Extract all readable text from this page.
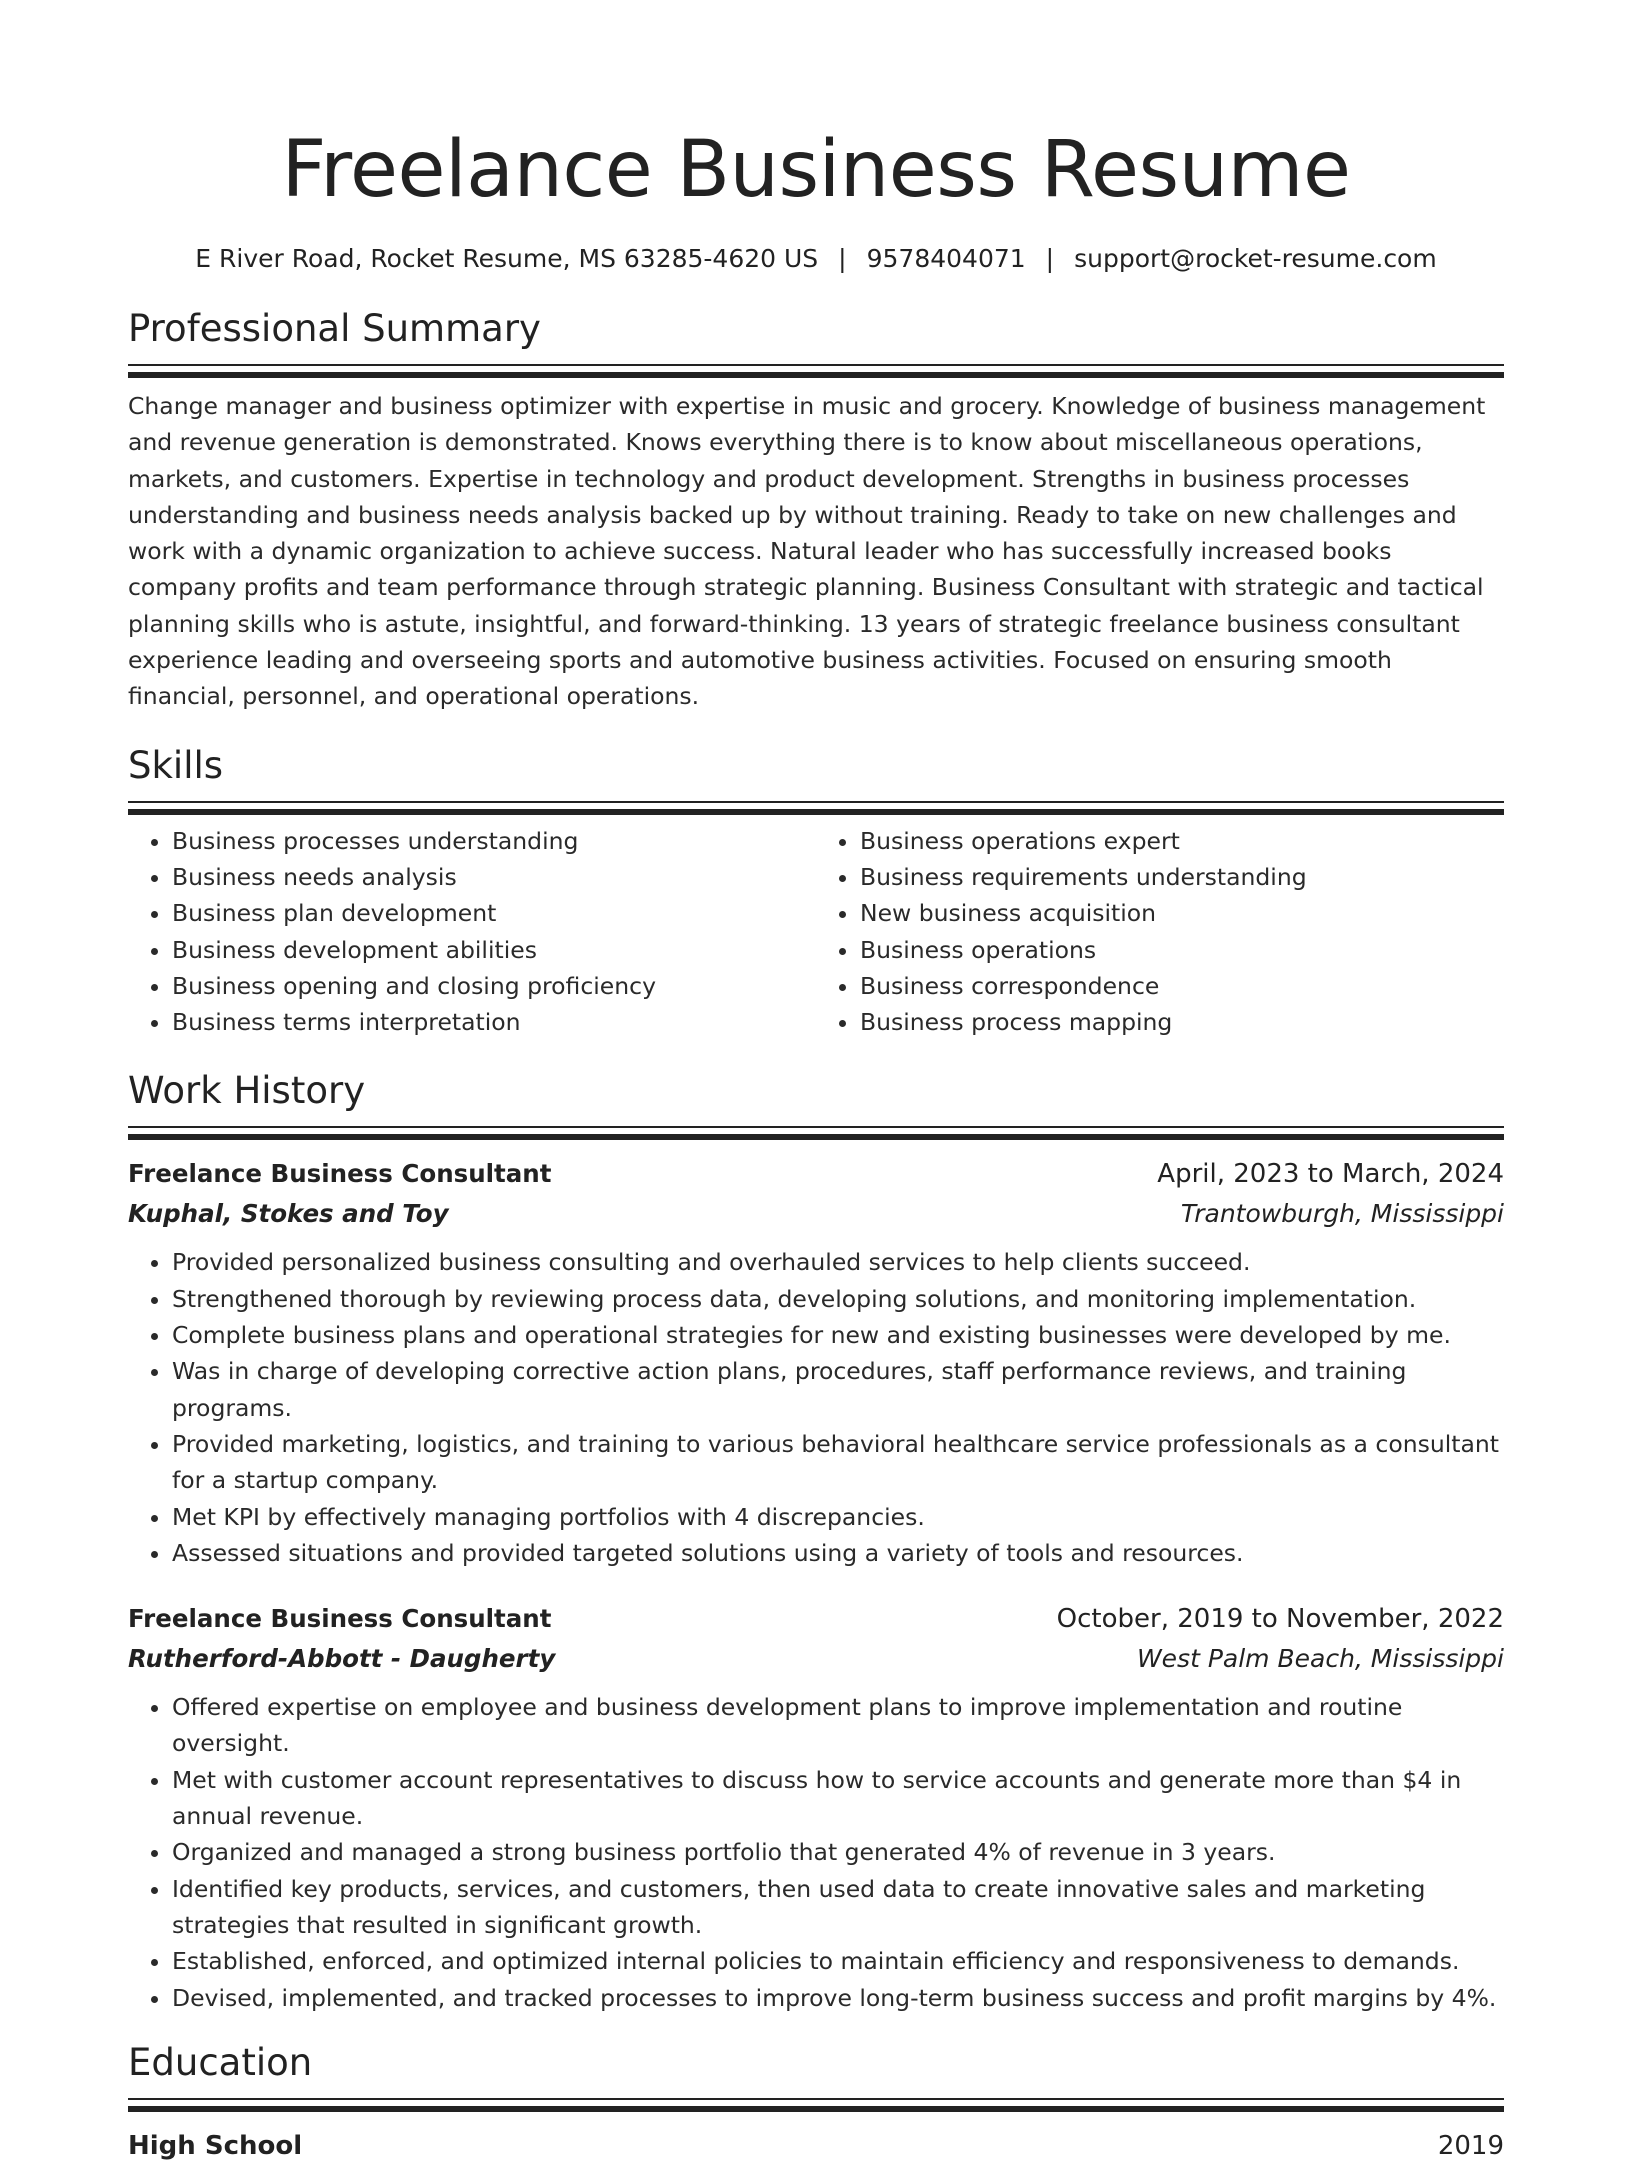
Freelance Business Resume
E River Road, Rocket Resume, MS 63285-4620 US | 9578404071 | support@rocket-resume.com
Professional Summary

Change manager and business optimizer with expertise in music and grocery. Knowledge of business management and revenue generation is demonstrated. Knows everything there is to know about miscellaneous operations, markets, and customers. Expertise in technology and product development. Strengths in business processes understanding and business needs analysis backed up by without training. Ready to take on new challenges and work with a dynamic organization to achieve success. Natural leader who has successfully increased books company profits and team performance through strategic planning. Business Consultant with strategic and tactical planning skills who is astute, insightful, and forward-thinking. 13 years of strategic freelance business consultant experience leading and overseeing sports and automotive business activities. Focused on ensuring smooth financial, personnel, and operational operations.

Skills
• Business processes understanding
• Business needs analysis
• Business plan development
• Business development abilities
• Business opening and closing proficiency
• Business terms interpretation
• Business operations expert
• Business requirements understanding
• New business acquisition
• Business operations
• Business correspondence
• Business process mapping
Work History
Freelance Business Consultant	April, 2023 to March, 2024
Kuphal, Stokes and Toy	Trantowburgh, Mississippi
• Provided personalized business consulting and overhauled services to help clients succeed.
• Strengthened thorough by reviewing process data, developing solutions, and monitoring implementation.
• Complete business plans and operational strategies for new and existing businesses were developed by me.
• Was in charge of developing corrective action plans, procedures, staff performance reviews, and training programs.
• Provided marketing, logistics, and training to various behavioral healthcare service professionals as a consultant for a startup company.
• Met KPI by effectively managing portfolios with 4 discrepancies.
• Assessed situations and provided targeted solutions using a variety of tools and resources.
Freelance Business Consultant	October, 2019 to November, 2022
Rutherford-Abbott - Daugherty	West Palm Beach, Mississippi
• Offered expertise on employee and business development plans to improve implementation and routine oversight.
• Met with customer account representatives to discuss how to service accounts and generate more than $4 in annual revenue.
• Organized and managed a strong business portfolio that generated 4% of revenue in 3 years.
• Identified key products, services, and customers, then used data to create innovative sales and marketing strategies that resulted in significant growth.
• Established, enforced, and optimized internal policies to maintain efficiency and responsiveness to demands.
• Devised, implemented, and tracked processes to improve long-term business success and profit margins by 4%.
Education
High School	2019
